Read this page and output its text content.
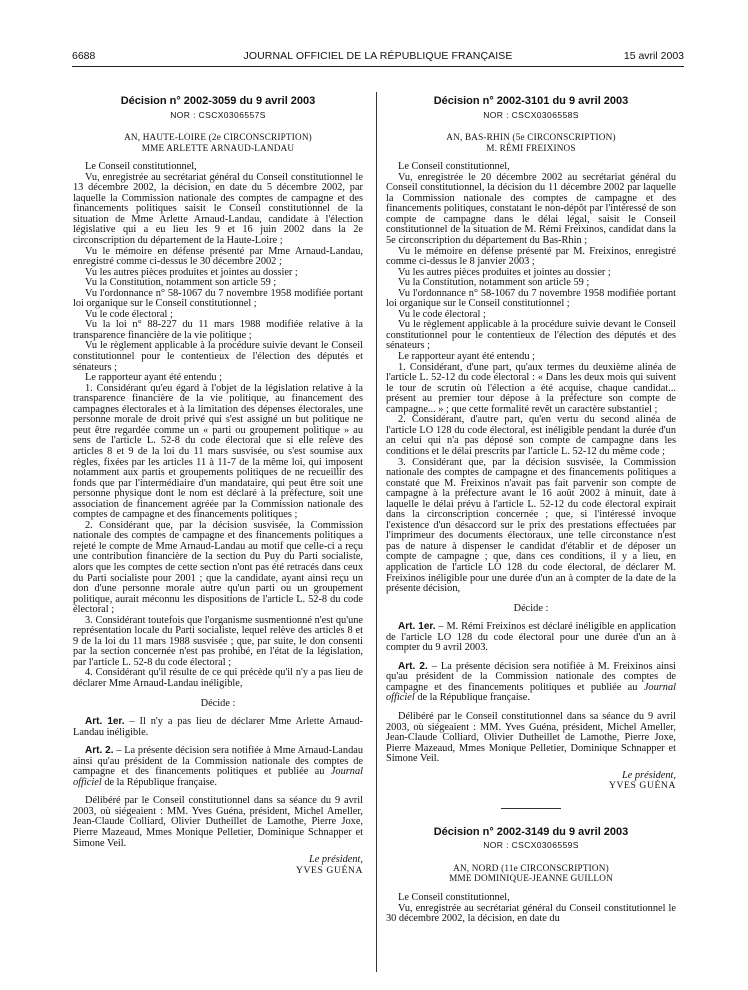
6688	JOURNAL OFFICIEL DE LA RÉPUBLIQUE FRANÇAISE	15 avril 2003
Décision n° 2002-3059 du 9 avril 2003
NOR : CSCX0306557S
AN, HAUTE-LOIRE (2e CIRCONSCRIPTION)
MME ARLETTE ARNAUD-LANDAU

Le Conseil constitutionnel,

Vu, enregistrée au secrétariat général du Conseil constitutionnel le 13 décembre 2002, la décision, en date du 5 décembre 2002, par laquelle la Commission nationale des comptes de campagne et des financements politiques saisit le Conseil constitutionnel de la situation de Mme Arlette Arnaud-Landau, candidate à l'élection législative qui a eu lieu les 9 et 16 juin 2002 dans la 2e circonscription du département de la Haute-Loire ;

Vu le mémoire en défense présenté par Mme Arnaud-Landau, enregistré comme ci-dessus le 30 décembre 2002 ;

Vu les autres pièces produites et jointes au dossier ;

Vu la Constitution, notamment son article 59 ;

Vu l'ordonnance n° 58-1067 du 7 novembre 1958 modifiée portant loi organique sur le Conseil constitutionnel ;

Vu le code électoral ;

Vu la loi n° 88-227 du 11 mars 1988 modifiée relative à la transparence financière de la vie politique ;

Vu le règlement applicable à la procédure suivie devant le Conseil constitutionnel pour le contentieux de l'élection des députés et sénateurs ;

Le rapporteur ayant été entendu ;

1. Considérant qu'eu égard à l'objet de la législation relative à la transparence financière de la vie politique, au financement des campagnes électorales et à la limitation des dépenses électorales, une personne morale de droit privé qui s'est assigné un but politique ne peut être regardée comme un « parti ou groupement politique » au sens de l'article L. 52-8 du code électoral que si elle relève des articles 8 et 9 de la loi du 11 mars susvisée, ou s'est soumise aux règles, fixées par les articles 11 à 11-7 de la même loi, qui imposent notamment aux partis et groupements politiques de ne recueillir des fonds que par l'intermédiaire d'un mandataire, qui peut être soit une personne physique dont le nom est déclaré à la préfecture, soit une association de financement agréée par la Commission nationale des comptes de campagne et des financements politiques ;

2. Considérant que, par la décision susvisée, la Commission nationale des comptes de campagne et des financements politiques a rejeté le compte de Mme Arnaud-Landau au motif que celle-ci a reçu une contribution financière de la section du Puy du Parti socialiste, alors que les comptes de cette section n'ont pas été retracés dans ceux du Parti socialiste pour 2001 ; que la candidate, ayant ainsi reçu un don d'une personne morale autre qu'un parti ou un groupement politique, aurait méconnu les dispositions de l'article L. 52-8 du code électoral ;

3. Considérant toutefois que l'organisme susmentionné n'est qu'une représentation locale du Parti socialiste, lequel relève des articles 8 et 9 de la loi du 11 mars 1988 susvisée ; que, par suite, le don consenti par la section concernée n'est pas prohibé, en l'état de la législation, par l'article L. 52-8 du code électoral ;

4. Considérant qu'il résulte de ce qui précède qu'il n'y a pas lieu de déclarer Mme Arnaud-Landau inéligible,

Décide :

Art. 1er. – Il n'y a pas lieu de déclarer Mme Arlette Arnaud-Landau inéligible.

Art. 2. – La présente décision sera notifiée à Mme Arnaud-Landau ainsi qu'au président de la Commission nationale des comptes de campagne et des financements politiques et publiée au Journal officiel de la République française.

Délibéré par le Conseil constitutionnel dans sa séance du 9 avril 2003, où siégeaient : MM. Yves Guéna, président, Michel Ameller, Jean-Claude Colliard, Olivier Dutheillet de Lamothe, Pierre Joxe, Pierre Mazeaud, Mmes Monique Pelletier, Dominique Schnapper et Simone Veil.

Le président,
YVES GUÉNA
Décision n° 2002-3101 du 9 avril 2003
NOR : CSCX0306558S
AN, BAS-RHIN (5e CIRCONSCRIPTION)
M. RÉMI FREIXINOS

Le Conseil constitutionnel,

Vu, enregistrée le 20 décembre 2002 au secrétariat général du Conseil constitutionnel, la décision du 11 décembre 2002 par laquelle la Commission nationale des comptes de campagne et des financements politiques, constatant le non-dépôt par l'intéressé de son compte de campagne dans le délai légal, saisit le Conseil constitutionnel de la situation de M. Rémi Freixinos, candidat dans la 5e circonscription du département du Bas-Rhin ;

Vu le mémoire en défense présenté par M. Freixinos, enregistré comme ci-dessus le 8 janvier 2003 ;

Vu les autres pièces produites et jointes au dossier ;

Vu la Constitution, notamment son article 59 ;

Vu l'ordonnance n° 58-1067 du 7 novembre 1958 modifiée portant loi organique sur le Conseil constitutionnel ;

Vu le code électoral ;

Vu le règlement applicable à la procédure suivie devant le Conseil constitutionnel pour le contentieux de l'élection des députés et des sénateurs ;

Le rapporteur ayant été entendu ;

1. Considérant, d'une part, qu'aux termes du deuxième alinéa de l'article L. 52-12 du code électoral : « Dans les deux mois qui suivent le tour de scrutin où l'élection a été acquise, chaque candidat... présent au premier tour dépose à la préfecture son compte de campagne... » ; que cette formalité revêt un caractère substantiel ;

2. Considérant, d'autre part, qu'en vertu du second alinéa de l'article LO 128 du code électoral, est inéligible pendant la durée d'un an celui qui n'a pas déposé son compte de campagne dans les conditions et le délai prescrits par l'article L. 52-12 du même code ;

3. Considérant que, par la décision susvisée, la Commission nationale des comptes de campagne et des financements politiques a constaté que M. Freixinos n'avait pas fait parvenir son compte de campagne à la préfecture avant le 16 août 2002 à minuit, date à laquelle le délai prévu à l'article L. 52-12 du code électoral expirait dans la circonscription concernée ; que, si l'intéressé invoque l'existence d'un désaccord sur le prix des prestations effectuées par l'imprimeur des documents électoraux, une telle circonstance n'est pas de nature à dispenser le candidat d'établir et de déposer un compte de campagne ; que, dans ces conditions, il y a lieu, en application de l'article LO 128 du code électoral, de déclarer M. Freixinos inéligible pour une durée d'un an à compter de la date de la présente décision,

Décide :

Art. 1er. – M. Rémi Freixinos est déclaré inéligible en application de l'article LO 128 du code électoral pour une durée d'un an à compter du 9 avril 2003.

Art. 2. – La présente décision sera notifiée à M. Freixinos ainsi qu'au président de la Commission nationale des comptes de campagne et des financements politiques et publiée au Journal officiel de la République française.

Délibéré par le Conseil constitutionnel dans sa séance du 9 avril 2003, où siégeaient : MM. Yves Guéna, président, Michel Ameller, Jean-Claude Colliard, Olivier Dutheillet de Lamothe, Pierre Joxe, Pierre Mazeaud, Mmes Monique Pelletier, Dominique Schnapper et Simone Veil.

Le président,
YVES GUÉNA
Décision n° 2002-3149 du 9 avril 2003
NOR : CSCX0306559S
AN, NORD (11e CIRCONSCRIPTION)
MME DOMINIQUE-JEANNE GUILLON

Le Conseil constitutionnel,

Vu, enregistrée au secrétariat général du Conseil constitutionnel le 30 décembre 2002, la décision, en date du
